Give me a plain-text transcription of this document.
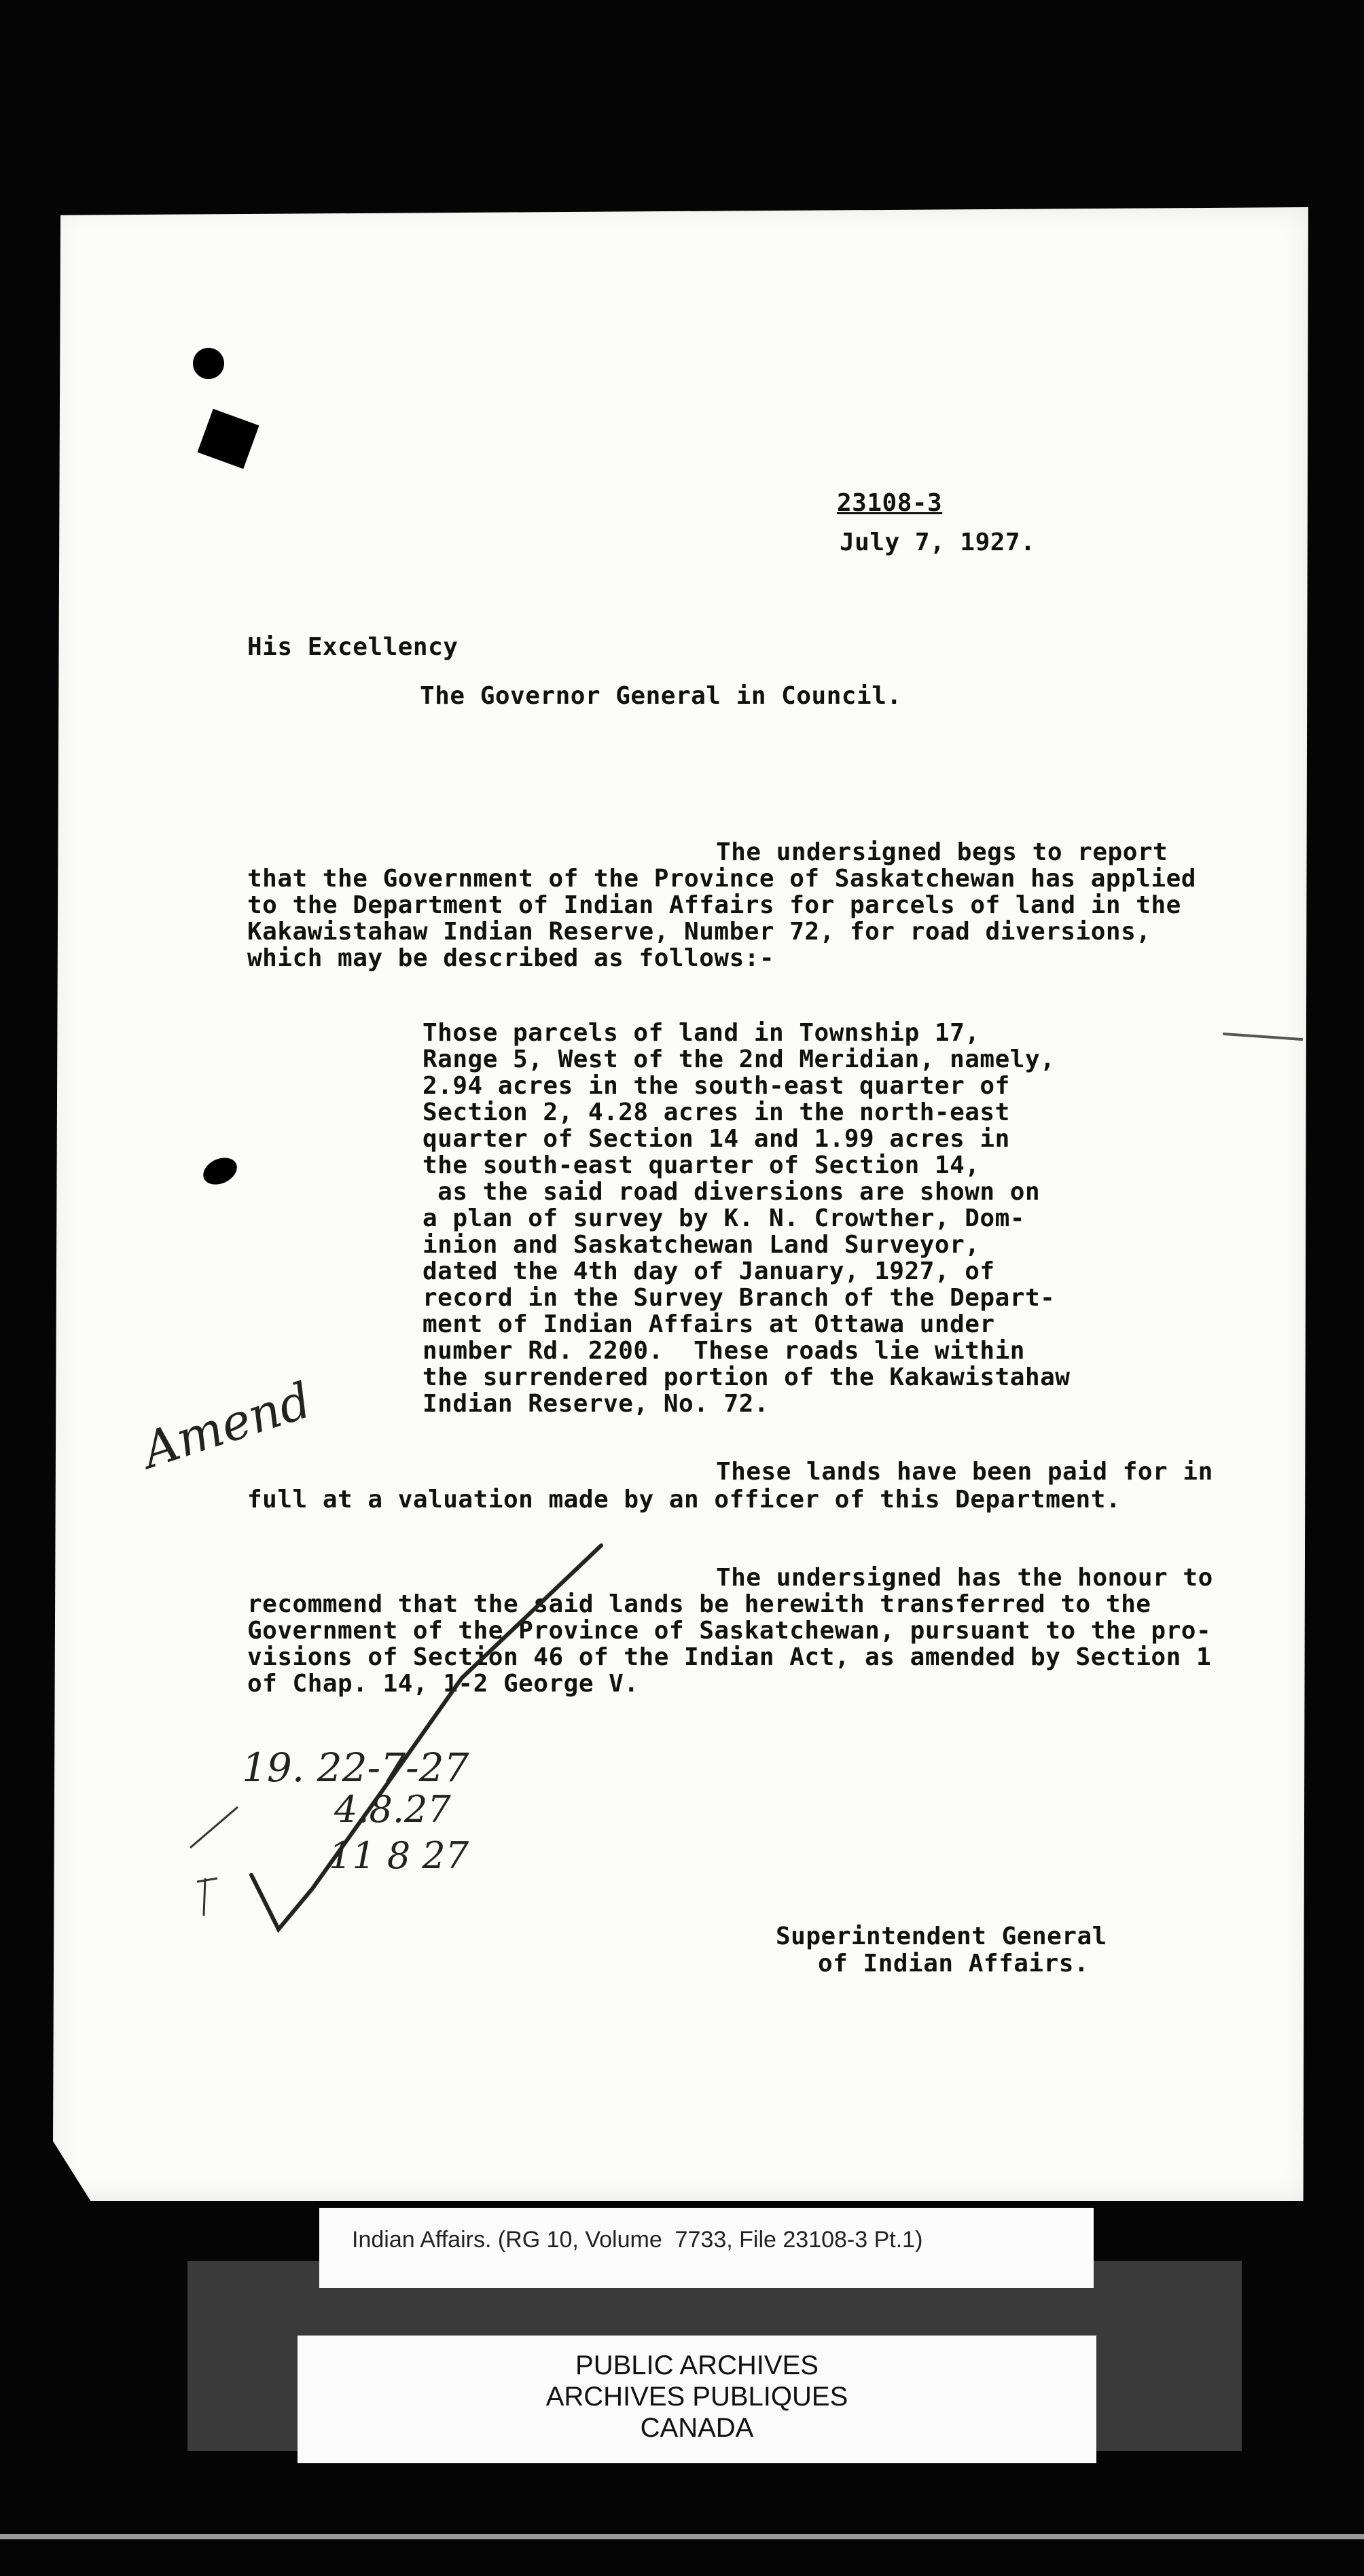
23108-3
July 7, 1927.
His Excellency
The Governor General in Council.
The undersigned begs to report
that the Government of the Province of Saskatchewan has applied
to the Department of Indian Affairs for parcels of land in the
Kakawistahaw Indian Reserve, Number 72, for road diversions,
which may be described as follows:-
Those parcels of land in Township 17,
Range 5, West of the 2nd Meridian, namely,
2.94 acres in the south-east quarter of
Section 2, 4.28 acres in the north-east
quarter of Section 14 and 1.99 acres in
the south-east quarter of Section 14,
as the said road diversions are shown on
a plan of survey by K. N. Crowther, Dom-
inion and Saskatchewan Land Surveyor,
dated the 4th day of January, 1927, of
record in the Survey Branch of the Depart-
ment of Indian Affairs at Ottawa under
number Rd. 2200.  These roads lie within
the surrendered portion of the Kakawistahaw
Indian Reserve, No. 72.
Amend	These lands have been paid for in
full at a valuation made by an officer of this Department.
The undersigned has the honour to
recommend that the said lands be herewith transferred to the
Government of the Province of Saskatchewan, pursuant to the pro-
visions of Section 46 of the Indian Act, as amended by Section 1
of Chap. 14, 1-2 George V.
19. 22-7-27
4.8.27
11 8 27
Superintendent General
of Indian Affairs.
Indian Affairs. (RG 10, Volume  7733, File 23108-3 Pt.1)
PUBLIC ARCHIVES
ARCHIVES PUBLIQUES
CANADA
